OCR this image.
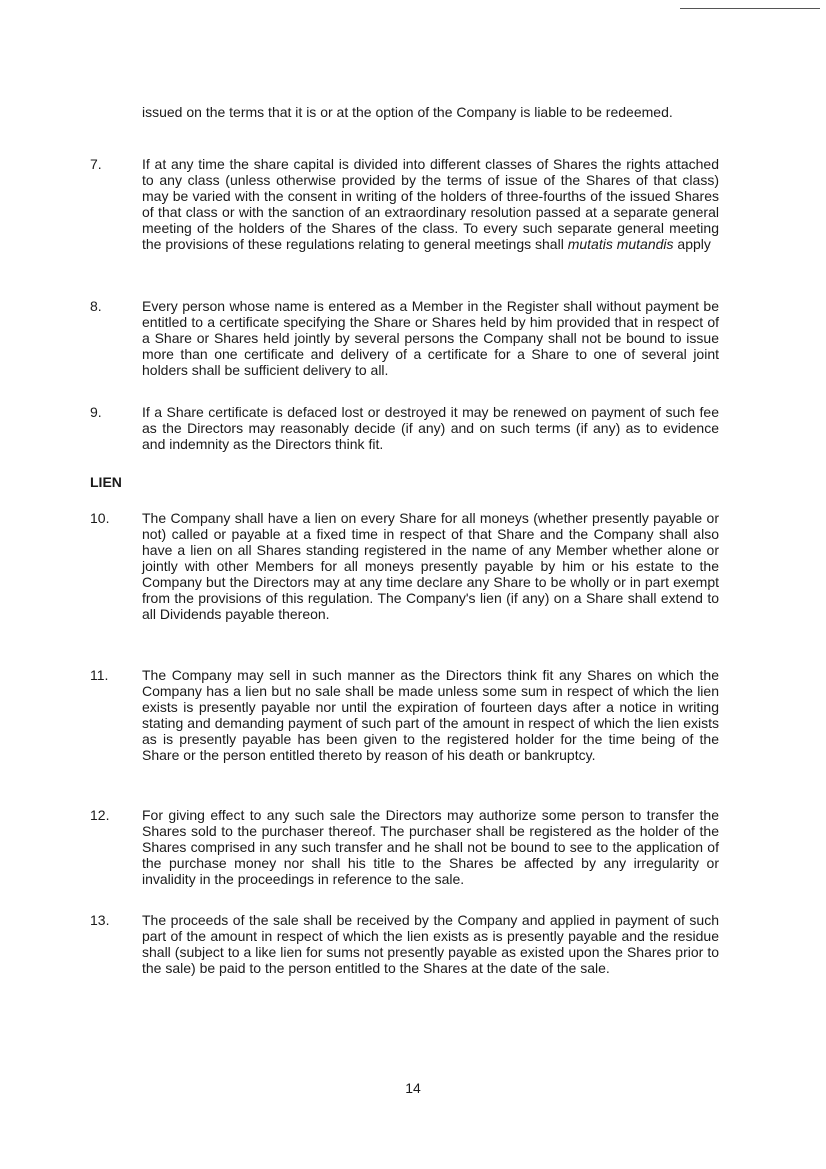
issued on the terms that it is or at the option of the Company is liable to be redeemed.
7.	If at any time the share capital is divided into different classes of Shares the rights attached to any class (unless otherwise provided by the terms of issue of the Shares of that class) may be varied with the consent in writing of the holders of three-fourths of the issued Shares of that class or with the sanction of an extraordinary resolution passed at a separate general meeting of the holders of the Shares of the class. To every such separate general meeting the provisions of these regulations relating to general meetings shall mutatis mutandis apply
8.	Every person whose name is entered as a Member in the Register shall without payment be entitled to a certificate specifying the Share or Shares held by him provided that in respect of a Share or Shares held jointly by several persons the Company shall not be bound to issue more than one certificate and delivery of a certificate for a Share to one of several joint holders shall be sufficient delivery to all.
9.	If a Share certificate is defaced lost or destroyed it may be renewed on payment of such fee as the Directors may reasonably decide (if any) and on such terms (if any) as to evidence and indemnity as the Directors think fit.
LIEN
10.	The Company shall have a lien on every Share for all moneys (whether presently payable or not) called or payable at a fixed time in respect of that Share and the Company shall also have a lien on all Shares standing registered in the name of any Member whether alone or jointly with other Members for all moneys presently payable by him or his estate to the Company but the Directors may at any time declare any Share to be wholly or in part exempt from the provisions of this regulation. The Company's lien (if any) on a Share shall extend to all Dividends payable thereon.
11.	The Company may sell in such manner as the Directors think fit any Shares on which the Company has a lien but no sale shall be made unless some sum in respect of which the lien exists is presently payable nor until the expiration of fourteen days after a notice in writing stating and demanding payment of such part of the amount in respect of which the lien exists as is presently payable has been given to the registered holder for the time being of the Share or the person entitled thereto by reason of his death or bankruptcy.
12.	For giving effect to any such sale the Directors may authorize some person to transfer the Shares sold to the purchaser thereof. The purchaser shall be registered as the holder of the Shares comprised in any such transfer and he shall not be bound to see to the application of the purchase money nor shall his title to the Shares be affected by any irregularity or invalidity in the proceedings in reference to the sale.
13.	The proceeds of the sale shall be received by the Company and applied in payment of such part of the amount in respect of which the lien exists as is presently payable and the residue shall (subject to a like lien for sums not presently payable as existed upon the Shares prior to the sale) be paid to the person entitled to the Shares at the date of the sale.
14
